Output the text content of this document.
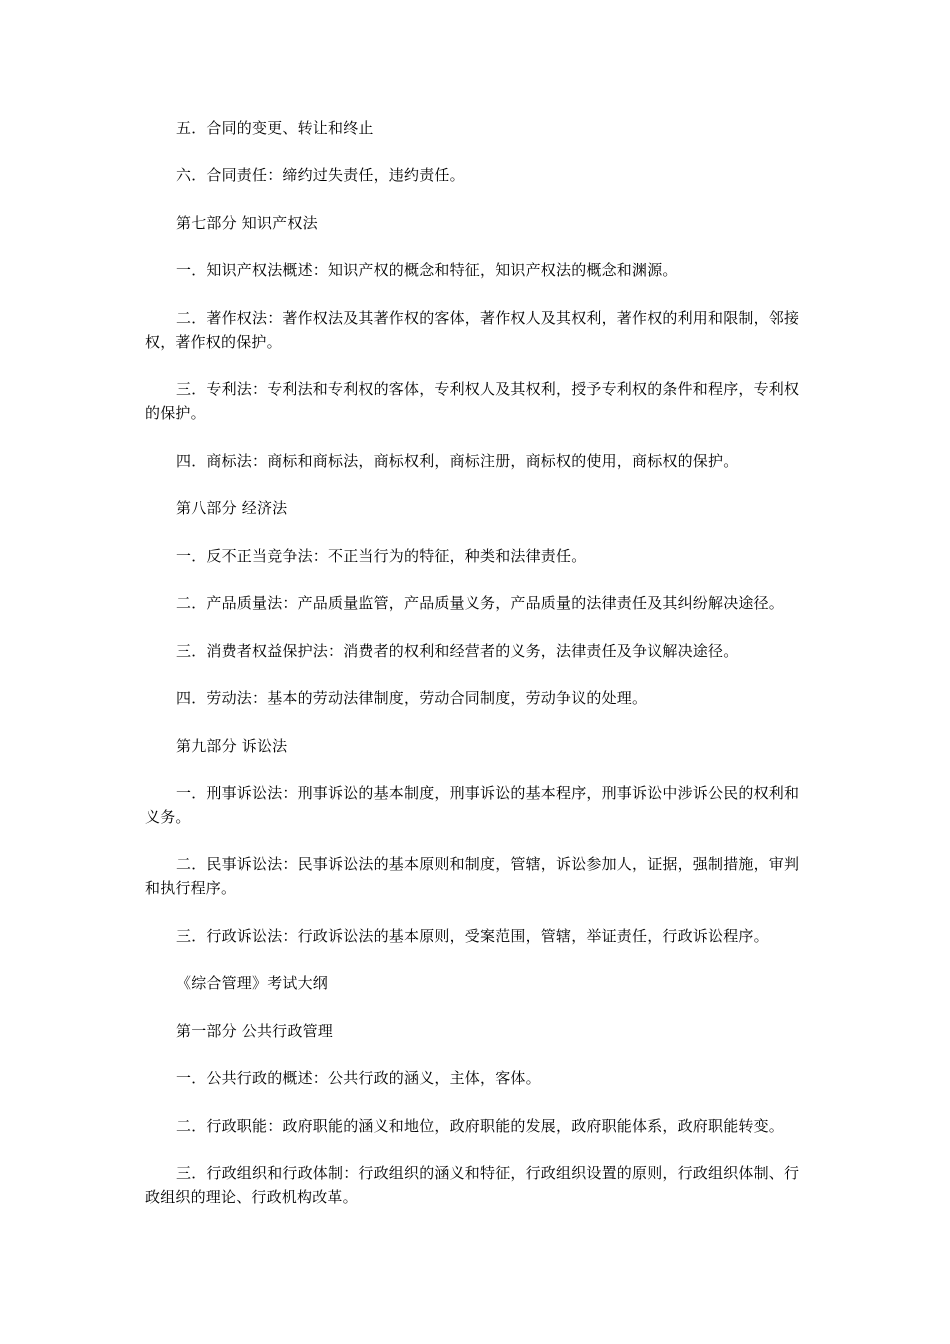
五．合同的变更、转让和终止

六．合同责任：缔约过失责任，违约责任。

第七部分 知识产权法

一．知识产权法概述：知识产权的概念和特征，知识产权法的概念和渊源。

二．著作权法：著作权法及其著作权的客体，著作权人及其权利，著作权的利用和限制，邻接权，著作权的保护。

三．专利法：专利法和专利权的客体，专利权人及其权利，授予专利权的条件和程序，专利权的保护。

四．商标法：商标和商标法，商标权利，商标注册，商标权的使用，商标权的保护。

第八部分 经济法

一．反不正当竞争法：不正当行为的特征，种类和法律责任。

二．产品质量法：产品质量监管，产品质量义务，产品质量的法律责任及其纠纷解决途径。

三．消费者权益保护法：消费者的权利和经营者的义务，法律责任及争议解决途径。

四．劳动法：基本的劳动法律制度，劳动合同制度，劳动争议的处理。

第九部分 诉讼法

一．刑事诉讼法：刑事诉讼的基本制度，刑事诉讼的基本程序，刑事诉讼中涉诉公民的权利和义务。

二．民事诉讼法：民事诉讼法的基本原则和制度，管辖，诉讼参加人，证据，强制措施，审判和执行程序。

三．行政诉讼法：行政诉讼法的基本原则，受案范围，管辖，举证责任，行政诉讼程序。

《综合管理》考试大纲

第一部分 公共行政管理

一．公共行政的概述：公共行政的涵义，主体，客体。

二．行政职能：政府职能的涵义和地位，政府职能的发展，政府职能体系，政府职能转变。

三．行政组织和行政体制：行政组织的涵义和特征，行政组织设置的原则，行政组织体制、行政组织的理论、行政机构改革。
